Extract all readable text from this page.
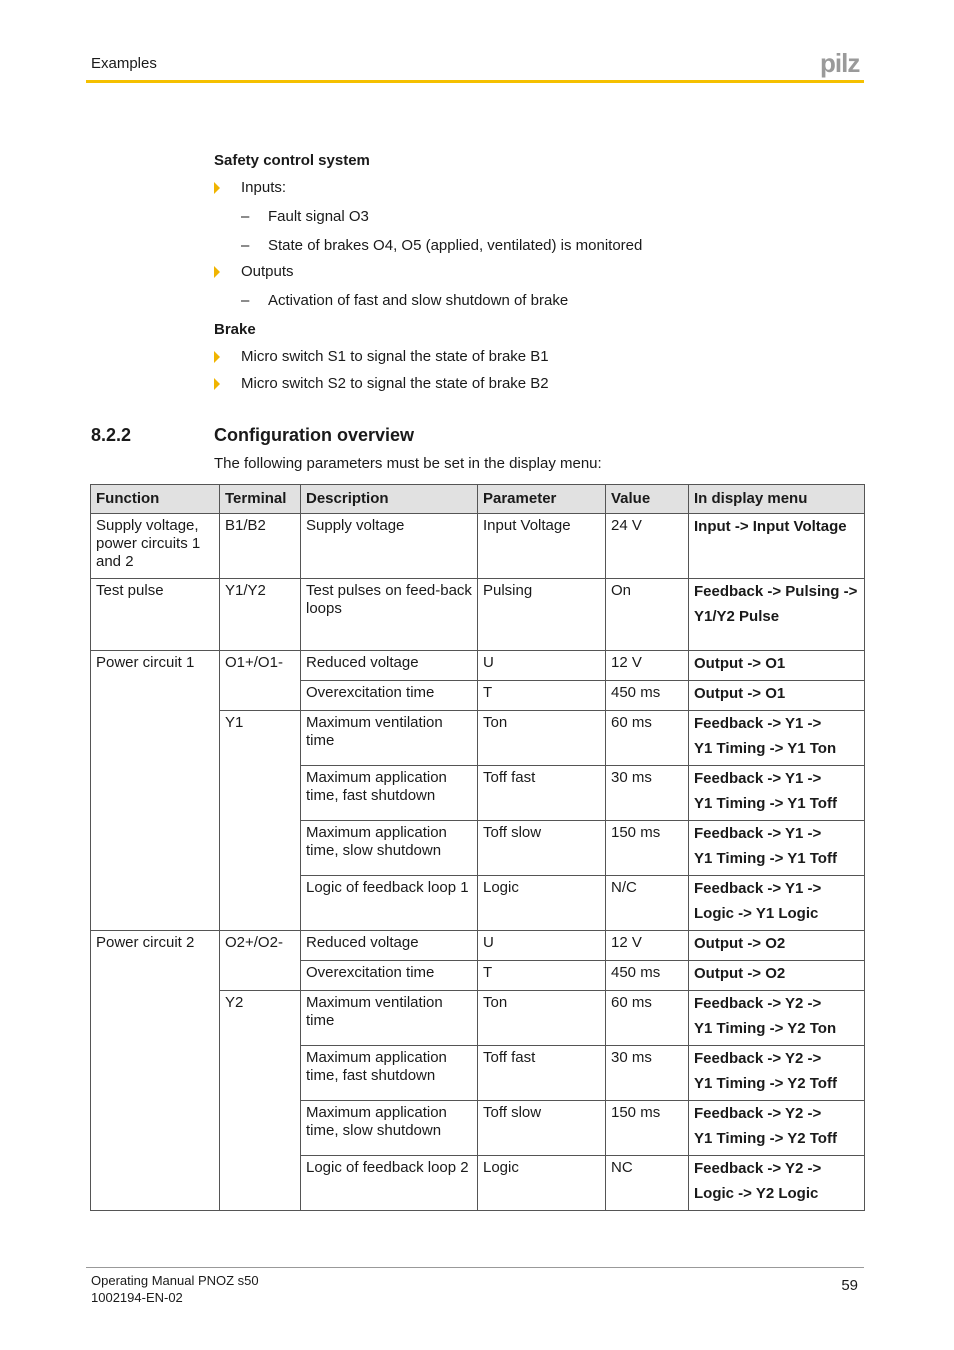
Examples	pilz
Safety control system
Inputs:
– Fault signal O3
– State of brakes O4, O5 (applied, ventilated) is monitored
Outputs
– Activation of fast and slow shutdown of brake
Brake
Micro switch S1 to signal the state of brake B1
Micro switch S2 to signal the state of brake B2
8.2.2	Configuration overview
The following parameters must be set in the display menu:
Function	Terminal	Description	Parameter	Value	In display menu
Supply voltage, power circuits 1 and 2	B1/B2	Supply voltage	Input Voltage	24 V	Input -> Input Voltage

Test pulse	Y1/Y2	Test pulses on feed-back loops	Pulsing	On	Feedback -> Pulsing ->
Y1/Y2 Pulse

Power circuit 1	O1+/O1-	Reduced voltage	U	12 V	Output -> O1

		Overexcitation time	T	450 ms	Output -> O1

	Y1	Maximum ventilation time	Ton	60 ms	Feedback -> Y1 ->
Y1 Timing -> Y1 Ton

		Maximum application time, fast shutdown	Toff fast	30 ms	Feedback -> Y1 ->
Y1 Timing -> Y1 Toff

		Maximum application time, slow shutdown	Toff slow	150 ms	Feedback -> Y1 ->
Y1 Timing -> Y1 Toff

		Logic of feedback loop 1	Logic	N/C	Feedback -> Y1 ->
Logic -> Y1 Logic

Power circuit 2	O2+/O2-	Reduced voltage	U	12 V	Output -> O2

		Overexcitation time	T	450 ms	Output -> O2

	Y2	Maximum ventilation time	Ton	60 ms	Feedback -> Y2 ->
Y1 Timing -> Y2 Ton

		Maximum application time, fast shutdown	Toff fast	30 ms	Feedback -> Y2 ->
Y1 Timing -> Y2 Toff

		Maximum application time, slow shutdown	Toff slow	150 ms	Feedback -> Y2 ->
Y1 Timing -> Y2 Toff

		Logic of feedback loop 2	Logic	NC	Feedback -> Y2 ->
Logic -> Y2 Logic
Operating Manual PNOZ s50
1002194-EN-02
59
